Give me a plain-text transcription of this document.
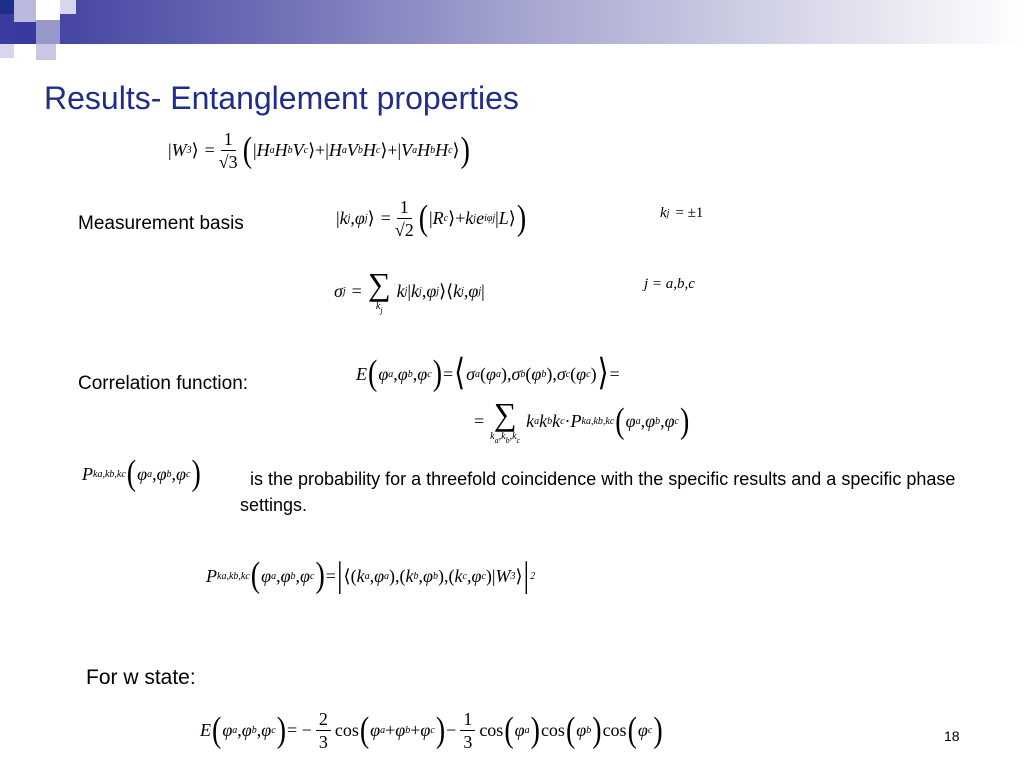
Results- Entanglement properties
| W 3 ⟩ = $\frac{1}{√3}$ ( | H a H b V c ⟩+| H a V b H c ⟩+| V a H b H c ⟩ )
Measurement basis	| k j , φ j ⟩ = $\frac{1}{√2}$ ( | R c ⟩+ k j e iφj | L ⟩ )	k j = ±1
σ j = ∑
$k_j$
k j | k j , φ j ⟩⟨ k j , φ j |	j = a,b,c
Correlation function:	E ( φ a , φ b , φ c ) = ⟨ σ a ( φ a ), σ b ( φ b ), σ c ( φ c ) ⟩ =
= ∑
$k_a,k_b,k_c$
k a k b k c · P ka,kb,kc ( φ a , φ b , φ c )
P ka,kb,kc ( φ a , φ b , φ c )	is the probability for a threefold coincidence with the specific results and a specific phase settings.
P ka,kb,kc ( φ a , φ b , φ c ) = | ⟨( k a , φ a ),( k b , φ b ),( k c , φ c )| W 3 ⟩ | 2
For w state:
E ( φ a , φ b , φ c ) = − $\frac{2}{3}$ cos ( φ a + φ b + φ c ) − $\frac{1}{3}$ cos ( φ a ) cos ( φ b ) cos ( φ c )	18
